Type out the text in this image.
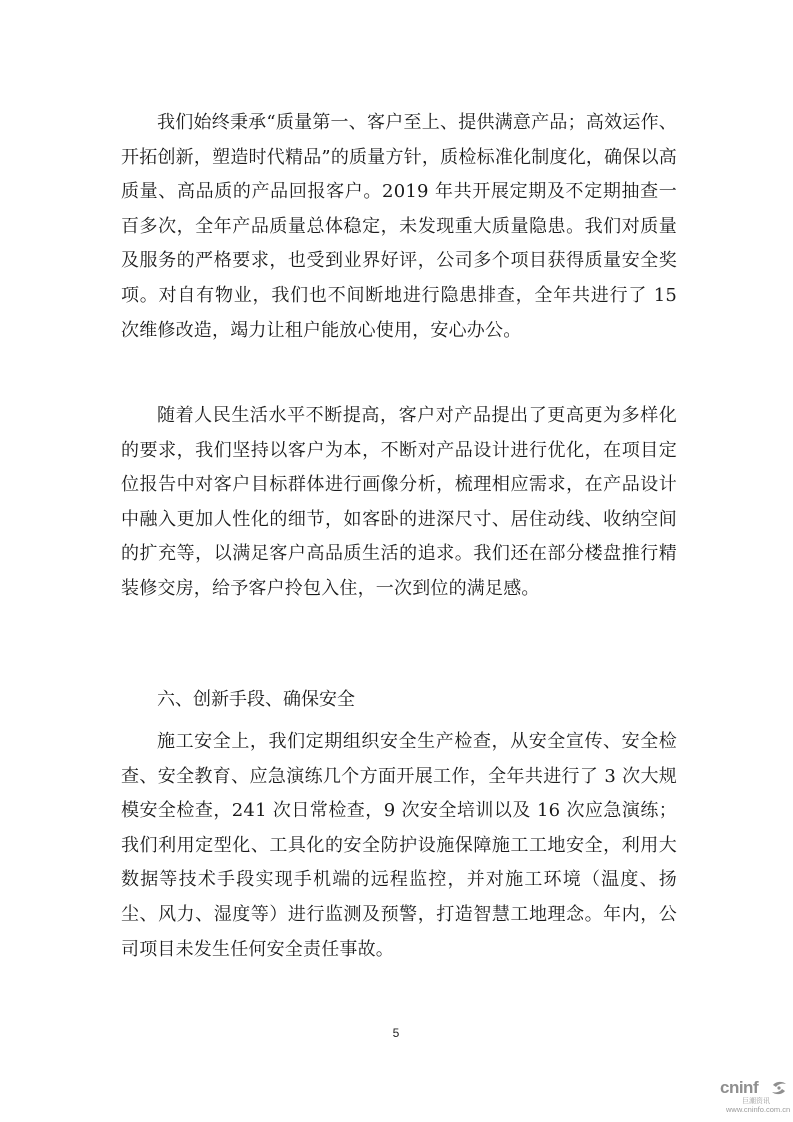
我们始终秉承“质量第一、客户至上、提供满意产品；高效运作、开拓创新，塑造时代精品”的质量方针，质检标准化制度化，确保以高质量、高品质的产品回报客户。2019 年共开展定期及不定期抽查一百多次，全年产品质量总体稳定，未发现重大质量隐患。我们对质量及服务的严格要求，也受到业界好评，公司多个项目获得质量安全奖项。对自有物业，我们也不间断地进行隐患排查，全年共进行了 15 次维修改造，竭力让租户能放心使用，安心办公。

随着人民生活水平不断提高，客户对产品提出了更高更为多样化的要求，我们坚持以客户为本，不断对产品设计进行优化，在项目定位报告中对客户目标群体进行画像分析，梳理相应需求，在产品设计中融入更加人性化的细节，如客卧的进深尺寸、居住动线、收纳空间的扩充等，以满足客户高品质生活的追求。我们还在部分楼盘推行精装修交房，给予客户拎包入住，一次到位的满足感。

六、创新手段、确保安全

施工安全上，我们定期组织安全生产检查，从安全宣传、安全检查、安全教育、应急演练几个方面开展工作，全年共进行了 3 次大规模安全检查，241 次日常检查，9 次安全培训以及 16 次应急演练；我们利用定型化、工具化的安全防护设施保障施工工地安全，利用大数据等技术手段实现手机端的远程监控，并对施工环境（温度、扬尘、风力、湿度等）进行监测及预警，打造智慧工地理念。年内，公司项目未发生任何安全责任事故。

5
cninf
巨潮资讯
www.cninfo.com.cn
